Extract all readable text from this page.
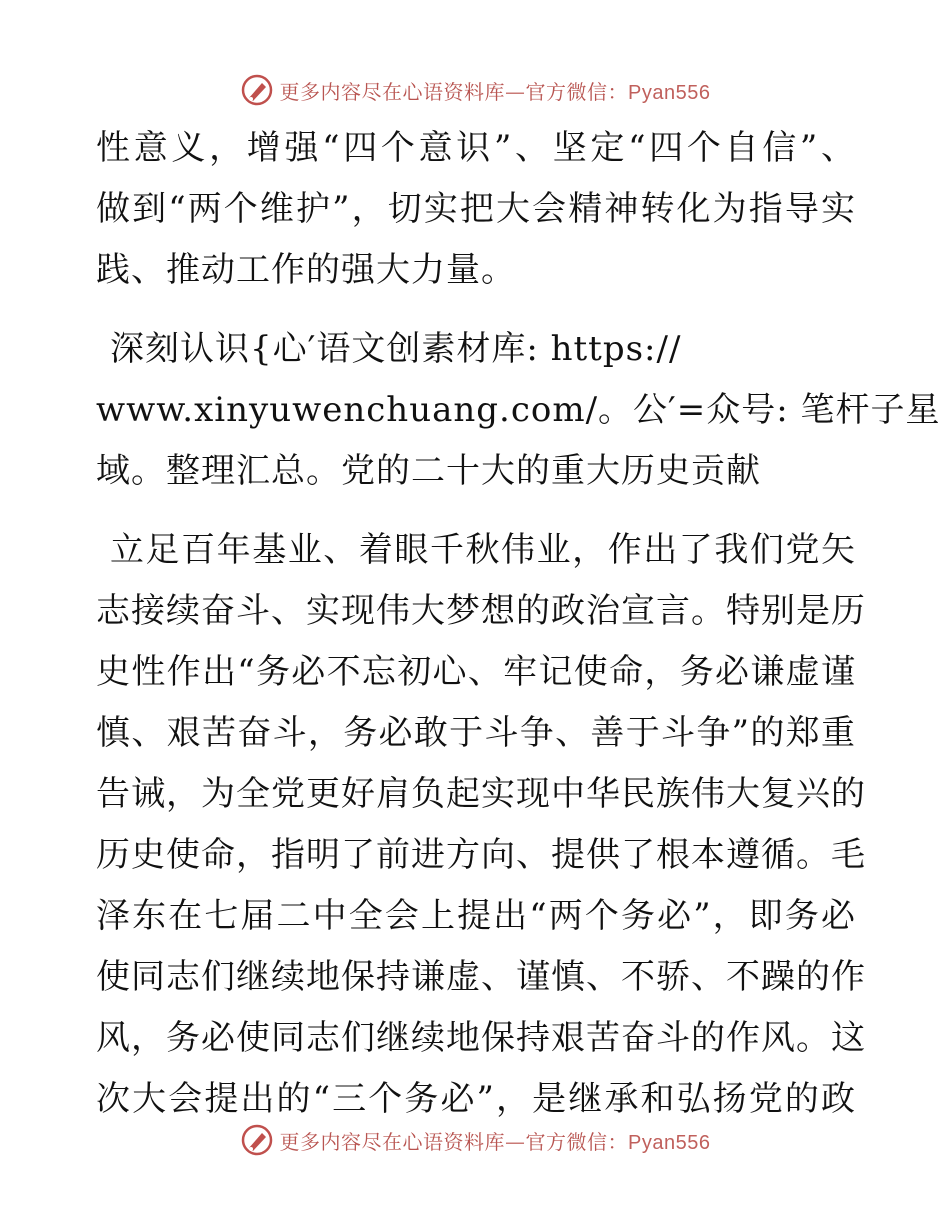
更多内容尽在心语资料库—官方微信：Pyan556
性意义，增强“四个意识”、坚定“四个自信”、
做到“两个维护”，切实把大会精神转化为指导实
践、推动工作的强大力量。
深刻认识{心′语文创素材库: https://
www.xinyuwenchuang.com/。公′=众号: 笔杆子星
域。整理汇总。党的二十大的重大历史贡献
立足百年基业、着眼千秋伟业，作出了我们党矢
志接续奋斗、实现伟大梦想的政治宣言。特别是历
史性作出“务必不忘初心、牢记使命，务必谦虚谨
慎、艰苦奋斗，务必敢于斗争、善于斗争”的郑重
告诫，为全党更好肩负起实现中华民族伟大复兴的
历史使命，指明了前进方向、提供了根本遵循。毛
泽东在七届二中全会上提出“两个务必”，即务必
使同志们继续地保持谦虚、谨慎、不骄、不躁的作
风，务必使同志们继续地保持艰苦奋斗的作风。这
次大会提出的“三个务必”，是继承和弘扬党的政
更多内容尽在心语资料库—官方微信：Pyan556
